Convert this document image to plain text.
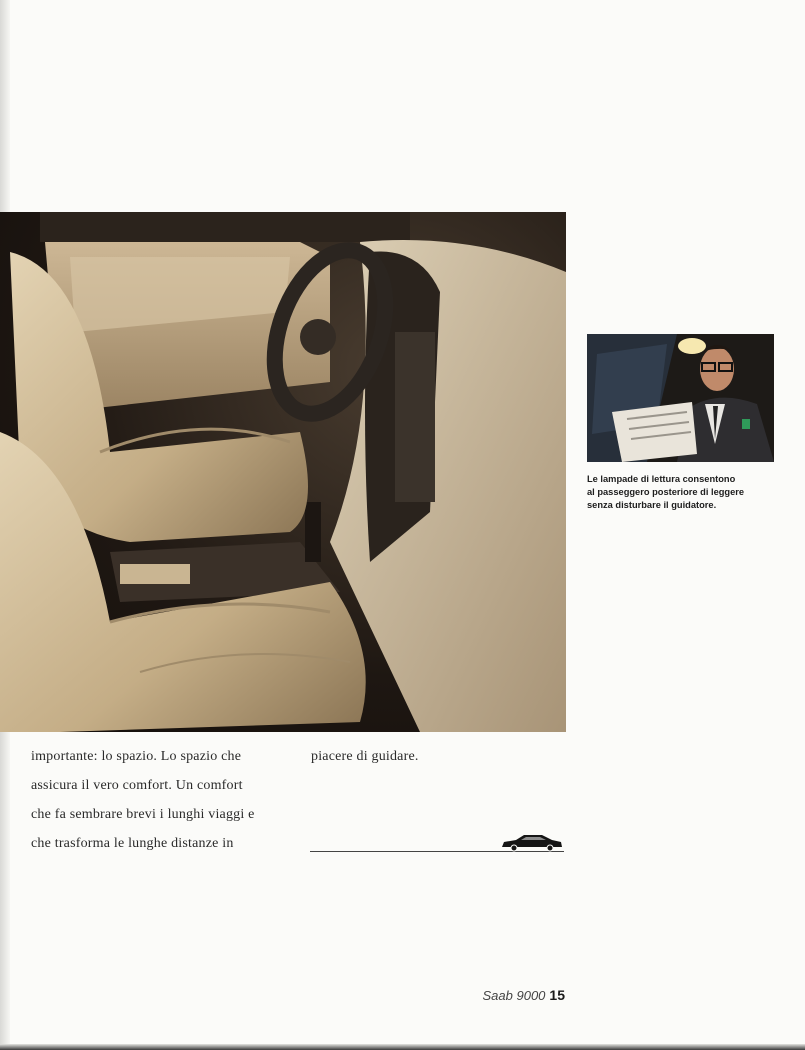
Le lampade di lettura consentono
al passeggero posteriore di leggere
senza disturbare il guidatore.
importante: lo spazio. Lo spazio che
assicura il vero comfort. Un comfort
che fa sembrare brevi i lunghi viaggi e
che trasforma le lunghe distanze in
piacere di guidare.
Saab 9000 15
